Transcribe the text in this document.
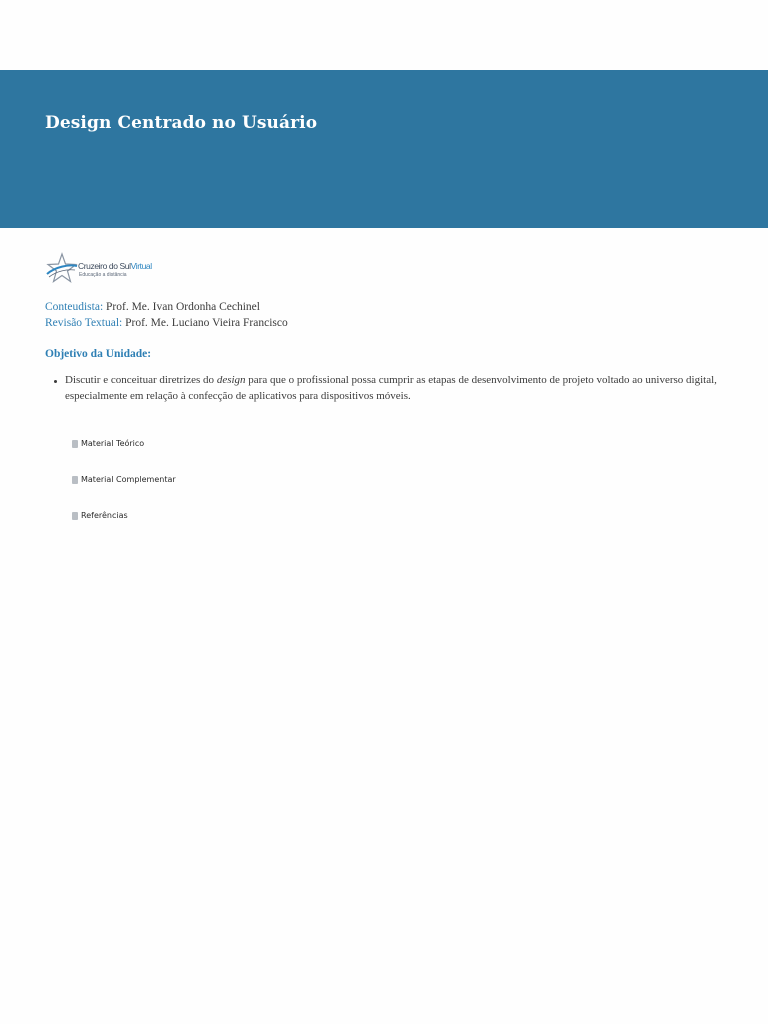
Design Centrado no Usuário
Cruzeiro do SulVirtual
Educação a distância
Conteudista: Prof. Me. Ivan Ordonha Cechinel
Revisão Textual: Prof. Me. Luciano Vieira Francisco
Objetivo da Unidade:
Discutir e conceituar diretrizes do design para que o profissional possa cumprir as etapas de desenvolvimento de projeto voltado ao universo digital, especialmente em relação à confecção de aplicativos para dispositivos móveis.
Material Teórico
Material Complementar
Referências
